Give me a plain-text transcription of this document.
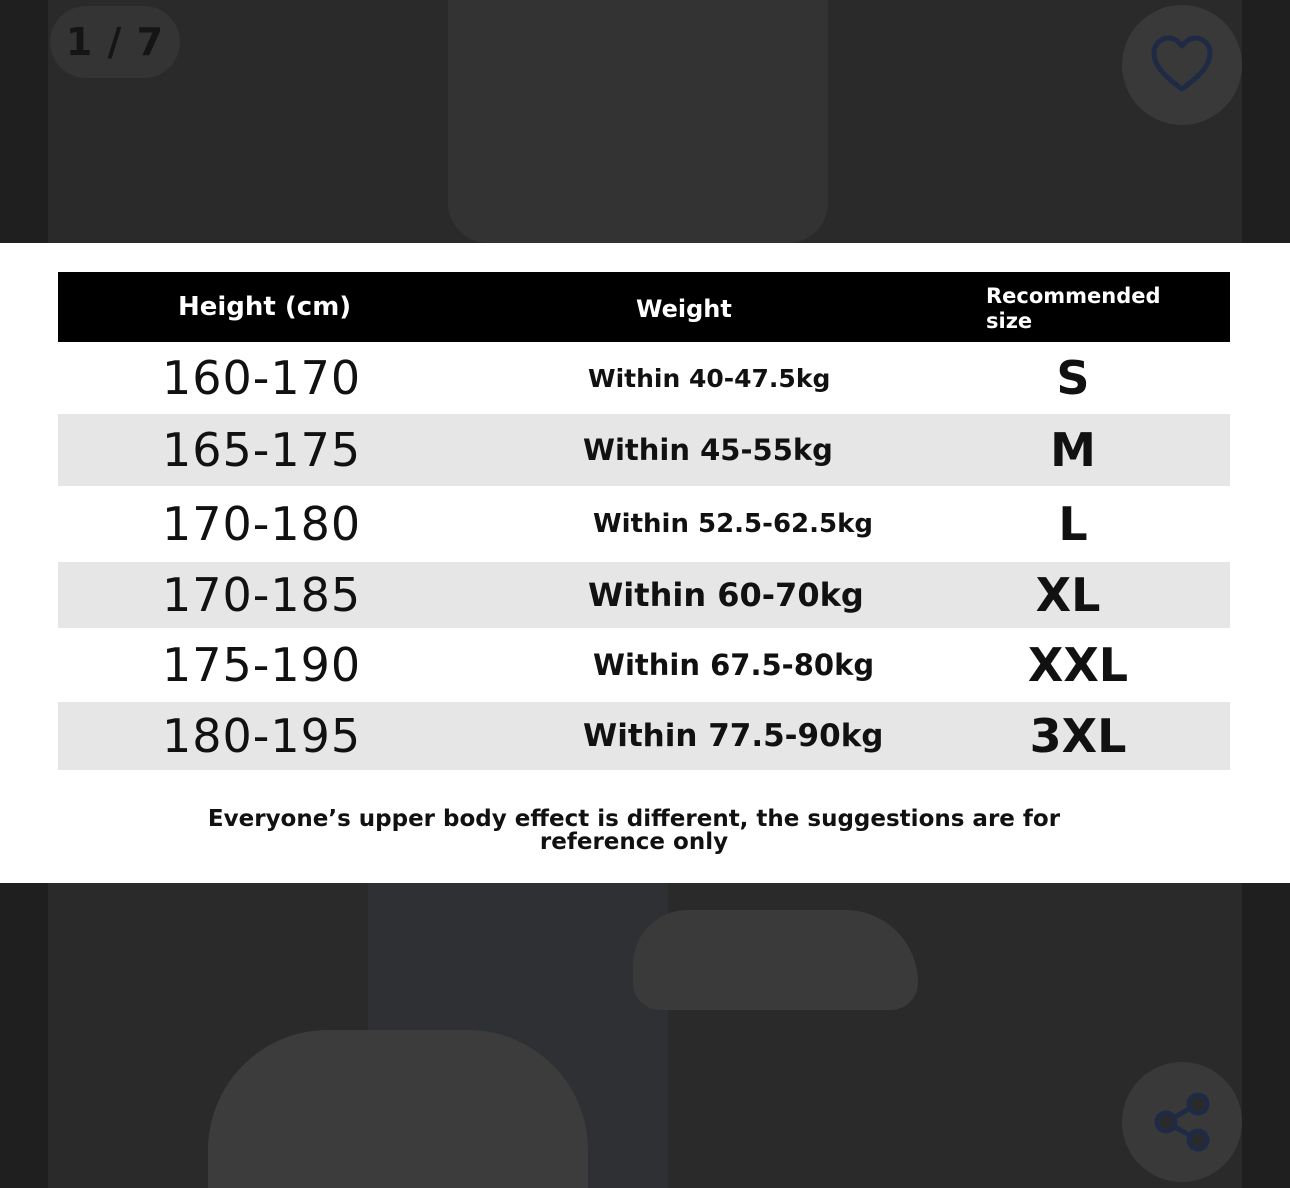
1 / 7
Height (cm)	Weight	Recommended
size
160-170	Within 40-47.5kg	S
165-175	Within 45-55kg	M
170-180	Within 52.5-62.5kg	L
170-185	Within 60-70kg	XL
175-190	Within 67.5-80kg	XXL
180-195	Within 77.5-90kg	3XL
Everyone’s upper body effect is different, the suggestions are for
reference only
